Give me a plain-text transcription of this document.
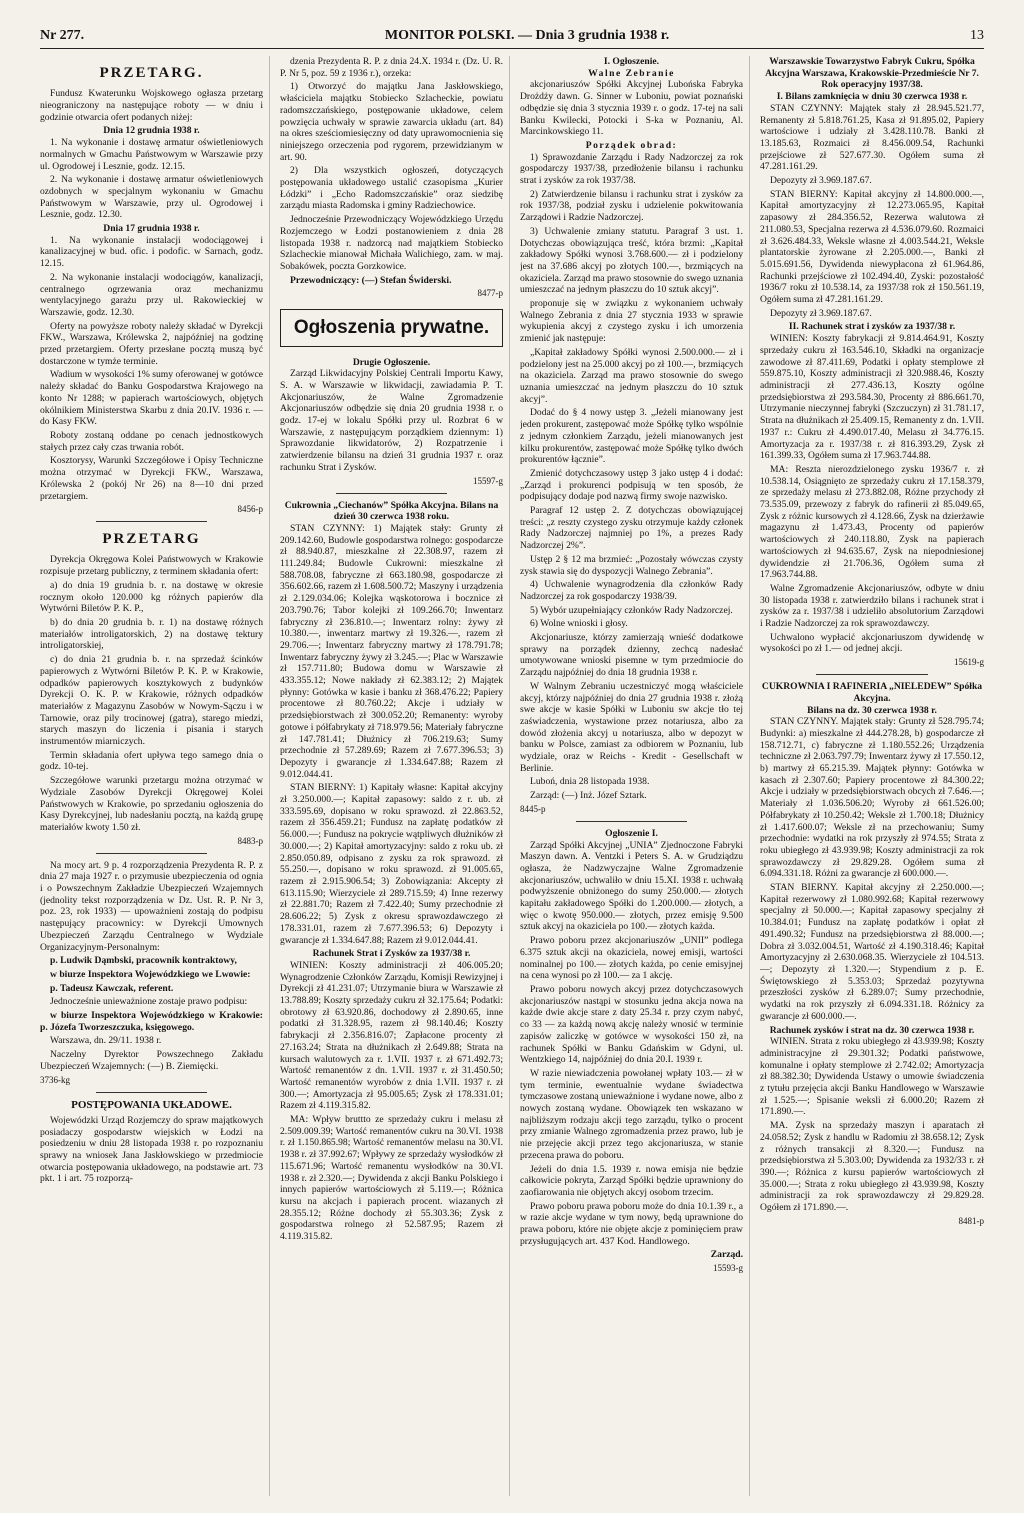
Nr 277.	MONITOR POLSKI. — Dnia 3 grudnia 1938 r.	13
PRZETARG.

Fundusz Kwaterunku Wojskowego ogłasza przetarg nieograniczony na następujące roboty — w dniu i godzinie otwarcia ofert podanych niżej:

Dnia 12 grudnia 1938 r.

1. Na wykonanie i dostawę armatur oświetleniowych normalnych w Gmachu Państwowym w Warszawie przy ul. Ogrodowej i Lesznie, godz. 12.15.

2. Na wykonanie i dostawę armatur oświetleniowych ozdobnych w specjalnym wykonaniu w Gmachu Państwowym w Warszawie, przy ul. Ogrodowej i Lesznie, godz. 12.30.

Dnia 17 grudnia 1938 r.

1. Na wykonanie instalacji wodociągowej i kanalizacyjnej w bud. ofic. i podofic. w Sarnach, godz. 12.15.

2. Na wykonanie instalacji wodociągów, kanalizacji, centralnego ogrzewania oraz mechanizmu wentylacyjnego garażu przy ul. Rakowieckiej w Warszawie, godz. 12.30.

Oferty na powyższe roboty należy składać w Dyrekcji FKW., Warszawa, Królewska 2, najpóźniej na godzinę przed przetargiem. Oferty przesłane pocztą muszą być dostarczone w tymże terminie.

Wadium w wysokości 1% sumy oferowanej w gotówce należy składać do Banku Gospodarstwa Krajowego na konto Nr 1288; w papierach wartościowych, objętych okólnikiem Ministerstwa Skarbu z dnia 20.IV. 1936 r. — do Kasy FKW.

Roboty zostaną oddane po cenach jednostkowych stałych przez cały czas trwania robót.

Kosztorysy, Warunki Szczegółowe i Opisy Techniczne można otrzymać w Dyrekcji FKW., Warszawa, Królewska 2 (pokój Nr 26) na 8—10 dni przed przetargiem.

8456-p
PRZETARG

Dyrekcja Okręgowa Kolei Państwowych w Krakowie rozpisuje przetarg publiczny, z terminem składania ofert:

a) do dnia 19 grudnia b. r. na dostawę w okresie rocznym około 120.000 kg różnych papierów dla Wytwórni Biletów P. K. P.,

b) do dnia 20 grudnia b. r. 1) na dostawę różnych materiałów introligatorskich, 2) na dostawę tektury introligatorskiej,

c) do dnia 21 grudnia b. r. na sprzedaż ścinków papierowych z Wytwórni Biletów P. K. P. w Krakowie, odpadków papierowych kosztykowych z budynków Dyrekcji O. K. P. w Krakowie, różnych odpadków materiałów z Magazynu Zasobów w Nowym-Sączu i w Tarnowie, oraz pily trocinowej (gatra), starego miedzi, starych maszyn do liczenia i pisania i starych instrumentów miarniczych.

Termin składania ofert upływa tego samego dnia o godz. 10-tej.

Szczegółowe warunki przetargu można otrzymać w Wydziale Zasobów Dyrekcji Okręgowej Kolei Państwowych w Krakowie, po sprzedaniu ogłoszenia do Kasy Dyrekcyjnej, lub nadesłaniu pocztą, na każdą grupę materiałów kwoty 1.50 zł.

8483-p

Na mocy art. 9 p. 4 rozporządzenia Prezydenta R. P. z dnia 27 maja 1927 r. o przymusie ubezpieczenia od ognia i o Powszechnym Zakładzie Ubezpieczeń Wzajemnych (jednolity tekst rozporządzenia w Dz. Ust. R. P. Nr 3, poz. 23, rok 1933) — upoważnieni zostają do podpisu następujący pracownicy: w Dyrekcji Umownych Ubezpieczeń Zarządu Centralnego w Wydziale Organizacyjnym-Personalnym:

p. Ludwik Dąmbski, pracownik kontraktowy,

w biurze Inspektora Wojewódzkiego we Lwowie:

p. Tadeusz Kawczak, referent.

Jednocześnie unieważnione zostaje prawo podpisu:

w biurze Inspektora Wojewódzkiego w Krakowie: p. Józefa Tworzeszczuka, księgowego.

Warszawa, dn. 29/11. 1938 r.

Naczelny Dyrektor Powszechnego Zakładu Ubezpieczeń Wzajemnych: (—) B. Ziemięcki.

3736-kg
POSTĘPOWANIA UKŁADOWE.

Wojewódzki Urząd Rozjemczy do spraw majątkowych posiadaczy gospodarstw wiejskich w Łodzi na posiedzeniu w dniu 28 listopada 1938 r. po rozpoznaniu sprawy na wniosek Jana Jaskłowskiego w przedmiocie otwarcia postępowania układowego, na podstawie art. 73 pkt. 1 i art. 75 rozporzą-

dzenia Prezydenta R. P. z dnia 24.X. 1934 r. (Dz. U. R. P. Nr 5, poz. 59 z 1936 r.), orzeka:

1) Otworzyć do majątku Jana Jaskłowskiego, właściciela majątku Stobiecko Szlacheckie, powiatu radomszczańskiego, postępowanie układowe, celem powzięcia uchwały w sprawie zawarcia układu (art. 84) na okres sześciomiesięczny od daty uprawomocnienia się niniejszego orzeczenia pod rygorem, przewidzianym w art. 90.

2) Dla wszystkich ogłoszeń, dotyczących postępowania układowego ustalić czasopisma „Kurier Łódzki” i „Echo Radomszczańskie” oraz siedzibę zarządu miasta Radomska i gminy Radziechowice.

Jednocześnie Przewodniczący Wojewódzkiego Urzędu Rozjemczego w Łodzi postanowieniem z dnia 28 listopada 1938 r. nadzorcą nad majątkiem Stobiecko Szlacheckie mianował Michała Walichiego, zam. w maj. Sobakówek, poczta Gorzkowice.

Przewodniczący: (—) Stefan Świderski.

8477-p
Ogłoszenia prywatne.
Drugie Ogłoszenie.

Zarząd Likwidacyjny Polskiej Centrali Importu Kawy, S. A. w Warszawie w likwidacji, zawiadamia P. T. Akcjonariuszów, że Walne Zgromadzenie Akcjonariuszów odbędzie się dnia 20 grudnia 1938 r. o godz. 17-ej w lokalu Spółki przy ul. Rozbrat 6 w Warszawie, z następującym porządkiem dziennym: 1) Sprawozdanie likwidatorów, 2) Rozpatrzenie i zatwierdzenie bilansu na dzień 31 grudnia 1937 r. oraz rachunku Strat i Zysków.

15597-g
Cukrownia „Ciechanów” Spółka Akcyjna. Bilans na dzień 30 czerwca 1938 roku.

STAN CZYNNY: 1) Majątek stały: Grunty zł 209.142.60, Budowle gospodarstwa rolnego: gospodarcze zł 88.940.87, mieszkalne zł 22.308.97, razem zł 111.249.84; Budowle Cukrowni: mieszkalne zł 588.708.08, fabryczne zł 663.180.98, gospodarcze zł 356.602.66, razem zł 1.608.500.72; Maszyny i urządzenia zł 2.129.034.06; Kolejka wąskotorowa i bocznice zł 203.790.76; Tabor kolejki zł 109.266.70; Inwentarz fabryczny zł 236.810.—; Inwentarz rolny: żywy zł 10.380.—, inwentarz martwy zł 19.326.—, razem zł 29.706.—; Inwentarz fabryczny martwy zł 178.791.78; Inwentarz fabryczny żywy zł 3.245.—; Plac w Warszawie zł 157.711.80; Budowa domu w Warszawie zł 433.355.12; Nowe nakłady zł 62.383.12; 2) Majątek płynny: Gotówka w kasie i banku zł 368.476.22; Papiery procentowe zł 80.760.22; Akcje i udziały w przedsiębiorstwach zł 300.052.20; Remanenty: wyroby gotowe i półfabrykaty zł 718.979.56; Materiały fabryczne zł 147.781.41; Dłużnicy zł 706.219.63; Sumy przechodnie zł 57.289.69; Razem zł 7.677.396.53; 3) Depozyty i gwarancje zł 1.334.647.88; Razem zł 9.012.044.41.

STAN BIERNY: 1) Kapitały własne: Kapitał akcyjny zł 3.250.000.—; Kapitał zapasowy: saldo z r. ub. zł 333.595.69, dopisano w roku sprawozd. zł 22.863.52, razem zł 356.459.21; Fundusz na zapłatę podatków zł 56.000.—; Fundusz na pokrycie wątpliwych dłużników zł 30.000.—; 2) Kapitał amortyzacyjny: saldo z roku ub. zł 2.850.050.89, odpisano z zysku za rok sprawozd. zł 55.250.—, dopisano w roku sprawozd. zł 91.005.65, razem zł 2.915.906.54; 3) Zobowiązania: Akcepty zł 613.115.90; Wierzyciele zł 289.715.59; 4) Inne rezerwy zł 22.881.70; Razem zł 7.422.40; Sumy przechodnie zł 28.606.22; 5) Zysk z okresu sprawozdawczego zł 178.331.01, razem zł 7.677.396.53; 6) Depozyty i gwarancje zł 1.334.647.88; Razem zł 9.012.044.41.

Rachunek Strat i Zysków za 1937/38 r.

WINIEN: Koszty administracji zł 406.005.20; Wynagrodzenie Członków Zarządu, Komisji Rewizyjnej i Dyrekcji zł 41.231.07; Utrzymanie biura w Warszawie zł 13.788.89; Koszty sprzedaży cukru zł 32.175.64; Podatki: obrotowy zł 63.920.86, dochodowy zł 2.890.65, inne podatki zł 31.328.95, razem zł 98.140.46; Koszty fabrykacji zł 2.356.816.07; Zapłacone procenty zł 27.163.24; Strata na dłużnikach zł 2.649.88; Strata na kursach walutowych za r. 1.VII. 1937 r. zł 671.492.73; Wartość remanentów z dn. 1.VII. 1937 r. zł 31.450.50; Wartość remanentów wyrobów z dnia 1.VII. 1937 r. zł 300.—; Amortyzacja zł 95.005.65; Zysk zł 178.331.01; Razem zł 4.119.315.82.

MA: Wpływ bruttto ze sprzedaży cukru i melasu zł 2.509.009.39; Wartość remanentów cukru na 30.VI. 1938 r. zł 1.150.865.98; Wartość remanentów melasu na 30.VI. 1938 r. zł 37.992.67; Wpływy ze sprzedaży wysłodków zł 115.671.96; Wartość remanentu wysłodków na 30.VI. 1938 r. zł 2.320.—; Dywidenda z akcji Banku Polskiego i innych papierów wartościowych zł 5.119.—; Różnica kursu na akcjach i papierach procent. wiazanych zł 28.355.12; Różne dochody zł 55.303.36; Zysk z gospodarstwa rolnego zł 52.587.95; Razem zł 4.119.315.82.

I. Ogłoszenie.
Walne Zebranie

akcjonariuszów Spółki Akcyjnej Lubońska Fabryka Drożdży dawn. G. Sinner w Luboniu, powiat poznański odbędzie się dnia 3 stycznia 1939 r. o godz. 17-tej na sali Banku Kwilecki, Potocki i S-ka w Poznaniu, Al. Marcinkowskiego 11.

Porządek obrad:

1) Sprawozdanie Zarządu i Rady Nadzorczej za rok gospodarczy 1937/38, przedłożenie bilansu i rachunku strat i zysków za rok 1937/38.

2) Zatwierdzenie bilansu i rachunku strat i zysków za rok 1937/38, podział zysku i udzielenie pokwitowania Zarządowi i Radzie Nadzorczej.

3) Uchwalenie zmiany statutu. Paragraf 3 ust. 1. Dotychczas obowiązująca treść, która brzmi: „Kapitał zakładowy Spółki wynosi 3.768.600.— zł i podzielony jest na 37.686 akcyj po złotych 100.—, brzmiących na okaziciela. Zarząd ma prawo stosownie do swego uznania umieszczać na jednym płaszczu do 10 sztuk akcyj”.

proponuje się w związku z wykonaniem uchwały Walnego Zebrania z dnia 27 stycznia 1933 w sprawie wykupienia akcyj z czystego zysku i ich umorzenia zmienić jak następuje:

„Kapitał zakładowy Spółki wynosi 2.500.000.— zł i podzielony jest na 25.000 akcyj po zł 100.—, brzmiących na okaziciela. Zarząd ma prawo stosownie do swego uznania umieszczać na jednym płaszczu do 10 sztuk akcyj”.

Dodać do § 4 nowy ustęp 3. „Jeżeli mianowany jest jeden prokurent, zastępować może Spółkę tylko wspólnie z jednym członkiem Zarządu, jeżeli mianowanych jest kilku prokurentów, zastępować może Spółkę tylko dwóch prokurentów łącznie”.

Zmienić dotychczasowy ustęp 3 jako ustęp 4 i dodać: „Zarząd i prokurenci podpisują w ten sposób, że podpisujący dodaje pod nazwą firmy swoje nazwisko.

Paragraf 12 ustęp 2. Z dotychczas obowiązującej treści: „z reszty czystego zysku otrzymuje każdy członek Rady Nadzorczej najmniej po 1%, a prezes Rady Nadzorczej 2%”.

Ustęp 2 § 12 ma brzmieć: „Pozostały wówczas czysty zysk stawia się do dyspozycji Walnego Zebrania”.

4) Uchwalenie wynagrodzenia dla członków Rady Nadzorczej za rok gospodarczy 1938/39.

5) Wybór uzupełniający członków Rady Nadzorczej.

6) Wolne wnioski i głosy.

Akcjonariusze, którzy zamierzają wnieść dodatkowe sprawy na porządek dzienny, zechcą nadesłać umotywowane wnioski pisemne w tym przedmiocie do Zarządu najpóźniej do dnia 18 grudnia 1938 r.

W Walnym Zebraniu uczestniczyć mogą właściciele akcyj, którzy najpóźniej do dnia 27 grudnia 1938 r. złożą swe akcje w kasie Spółki w Luboniu sw akcje tło tej zaświadczenia, wystawione przez notariusza, albo za dowód złożenia akcyj u notariusza, albo w depozyt w banku w Polsce, zamiast za odbiorem w Poznaniu, lub wydziale, oraz w Reichs - Kredit - Gesellschaft w Berlinie.

Luboń, dnia 28 listopada 1938.

Zarząd: (—) Inż. Józef Sztark.

8445-p
Ogłoszenie I.

Zarząd Spółki Akcyjnej „UNIA” Zjednoczone Fabryki Maszyn dawn. A. Ventzki i Peters S. A. w Grudziądzu ogłasza, że Nadzwyczajne Walne Zgromadzenie akcjonariuszów, uchwaliło w dniu 15.XI. 1938 r. uchwałą podwyższenie obniżonego do sumy 250.000.— złotych kapitału zakładowego Spółki do 1.200.000.— złotych, a więc o kwotę 950.000.— złotych, przez emisję 9.500 sztuk akcyj na okaziciela po 100.— złotych każda.

Prawo poboru przez akcjonariuszów „UNII” podlega 6.375 sztuk akcji na okaziciela, nowej emisji, wartości nominalnej po 100.— złotych każda, po cenie emisyjnej na cena wynosi po zł 100.— za 1 akcję.

Prawo poboru nowych akcyj przez dotychczasowych akcjonariuszów nastąpi w stosunku jedna akcja nowa na każde dwie akcje stare z daty 25.34 r. przy czym nabyć, co 33 — za każdą nową akcję należy wnosić w terminie zapisów zaliczkę w gotówce w wysokości 150 zł, na rachunek Spółki w Banku Gdańskim w Gdyni, ul. Wentzkiego 14, najpóźniej do dnia 20.I. 1939 r.

W razie niewiadczenia powołanej wpłaty 103.— zł w tym terminie, ewentualnie wydane świadectwa tymczasowe zostaną unieważnione i wydane nowe, albo z nowych zostaną wydane. Obowiązek ten wskazano w najbliższym rodzaju akcji tego zarządu, tylko o procent przy zmianie Walnego zgromadzenia przez prawo, lub je nie przejęcie akcji przez tego akcjonariusza, w stanie przecena prawa do poboru.

Jeżeli do dnia 1.5. 1939 r. nowa emisja nie będzie całkowicie pokryta, Zarząd Spółki będzie uprawniony do zaofiarowania nie objętych akcyj osobom trzecim.

Prawo poboru prawa poboru może do dnia 10.1.39 r., a w razie akcje wydane w tym nowy, będą uprawnione do prawa poboru, które nie objęte akcje z pominięciem praw przysługujących art. 437 Kod. Handlowego.

Zarząd.

15593-g
Warszawskie Towarzystwo Fabryk Cukru, Spółka Akcyjna Warszawa, Krakowskie-Przedmieście Nr 7. Rok operacyjny 1937/38.
I. Bilans zamknięcia w dniu 30 czerwca 1938 r.

STAN CZYNNY: Majątek stały zł 28.945.521.77, Remanenty zł 5.818.761.25, Kasa zł 91.895.02, Papiery wartościowe i udziały zł 3.428.110.78. Banki zł 13.185.63, Rozmaici zł 8.456.009.54, Rachunki przejściowe zł 527.677.30. Ogółem suma zł 47.281.161.29.

Depozyty zł 3.969.187.67.

STAN BIERNY: Kapitał akcyjny zł 14.800.000.—, Kapitał amortyzacyjny zł 12.273.065.95, Kapitał zapasowy zł 284.356.52, Rezerwa walutowa zł 211.080.53, Specjalna rezerwa zł 4.536.079.60. Rozmaici zł 3.626.484.33, Weksle własne zł 4.003.544.21, Weksle plantatorskie żyrowane zł 2.205.000.—, Banki zł 5.015.691.56, Dywidenda niewypłacona zł 61.964.86, Rachunki przejściowe zł 102.494.40, Zyski: pozostałość 1936/7 roku zł 10.538.14, za 1937/38 rok zł 150.561.19, Ogółem suma zł 47.281.161.29.

Depozyty zł 3.969.187.67.

II. Rachunek strat i zysków za 1937/38 r.

WINIEN: Koszty fabrykacji zł 9.814.464.91, Koszty sprzedaży cukru zł 163.546.10, Składki na organizacje zawodowe zł 87.411.69, Podatki i opłaty stemplowe zł 559.875.10, Koszty administracji zł 320.988.46, Koszty administracji zł 277.436.13, Koszty ogólne przedsiębiorstwa zł 293.584.30, Procenty zł 886.661.70, Utrzymanie nieczynnej fabryki (Szczuczyn) zł 31.781.17, Strata na dłużnikach zł 25.409.15, Remanenty z dn. 1.VII. 1937 r.: Cukru zł 4.490.017.40, Melasu zł 34.776.15. Amortyzacja za r. 1937/38 r. zł 816.393.29, Zysk zł 161.399.33, Ogółem suma zł 17.963.744.88.

MA: Reszta nierozdzielonego zysku 1936/7 r. zł 10.538.14, Osiągnięto ze sprzedaży cukru zł 17.158.379, ze sprzedaży melasu zł 273.882.08, Różne przychody zł 73.535.09, przewozy z fabryk do rafinerii zł 85.049.65, Zysk z różnic kursowych zł 4.128.66, Zysk na dzierżawie magazynu zł 1.473.43, Procenty od papierów wartościowych zł 240.118.80, Zysk na papierach wartościowych zł 94.635.67, Zysk na niepodniesionej dywidendzie zł 21.706.36, Ogółem suma zł 17.963.744.88.

Walne Zgromadzenie Akcjonariuszów, odbyte w dniu 30 listopada 1938 r. zatwierdziło bilans i rachunek strat i zysków za r. 1937/38 i udzieliło absolutorium Zarządowi i Radzie Nadzorczej za rok sprawozdawczy.

Uchwalono wypłacić akcjonariuszom dywidendę w wysokości po zł 1.— od jednej akcji.

15619-g
CUKROWNIA I RAFINERIA „NIELEDEW” Spółka Akcyjna.
Bilans na dz. 30 czerwca 1938 r.

STAN CZYNNY. Majątek stały: Grunty zł 528.795.74; Budynki: a) mieszkalne zł 444.278.28, b) gospodarcze zł 158.712.71, c) fabryczne zł 1.180.552.26; Urządzenia techniczne zł 2.063.797.79; Inwentarz żywy zł 17.550.12, b) martwy zł 65.215.39. Majątek płynny: Gotówka w kasach zł 2.307.60; Papiery procentowe zł 84.300.22; Akcje i udziały w przedsiębiorstwach obcych zł 7.646.—; Materiały zł 1.036.506.20; Wyroby zł 661.526.00; Półfabrykaty zł 10.250.42; Weksle zł 1.700.18; Dłużnicy zł 1.417.600.07; Weksle zł na przechowaniu; Sumy przechodnie: wydatki na rok przyszły zł 974.55; Strata z roku ubiegłego zł 43.939.98; Koszty administracji za rok sprawozdawczy zł 29.829.28. Ogółem suma zł 6.094.331.18. Różni za gwarancje zł 600.000.—.

STAN BIERNY. Kapitał akcyjny zł 2.250.000.—; Kapitał rezerwowy zł 1.080.992.68; Kapitał rezerwowy specjalny zł 50.000.—; Kapitał zapasowy specjalny zł 10.384.01; Fundusz na zapłatę podatków i opłat zł 491.490.32; Fundusz na przedsiębiorstwa zł 88.000.—; Dobra zł 3.032.004.51, Wartość zł 4.190.318.46; Kapitał Amortyzacyjny zł 2.630.068.35. Wierzyciele zł 104.513.—; Depozyty zł 1.320.—; Stypendium z p. E. Świętowskiego zł 5.353.03; Sprzedaż pozytywna przeszłości zysków zł 6.289.07; Sumy przechodnie, wydatki na rok przyszły zł 6.094.331.18. Różnicy za gwarancje zł 600.000.—.

Rachunek zysków i strat na dz. 30 czerwca 1938 r.

WINIEN. Strata z roku ubiegłego zł 43.939.98; Koszty administracyjne zł 29.301.32; Podatki państwowe, komunalne i opłaty stemplowe zł 2.742.02; Amortyzacja zł 88.382.30; Dywidenda Ustawy o umowie świadczenia z tytułu przejęcia akcji Banku Handlowego w Warszawie zł 1.525.—; Spisanie weksli zł 6.000.20; Razem zł 171.890.—.

MA. Zysk na sprzedaży maszyn i aparatach zł 24.058.52; Zysk z handlu w Radomiu zł 38.658.12; Zysk z różnych transakcji zł 8.320.—; Fundusz na przedsiębiorstwa zł 5.303.00; Dywidenda za 1932/33 r. zł 390.—; Różnica z kursu papierów wartościowych zł 35.000.—; Strata z roku ubiegłego zł 43.939.98, Koszty administracji za rok sprawozdawczy zł 29.829.28. Ogółem zł 171.890.—.

8481-p
